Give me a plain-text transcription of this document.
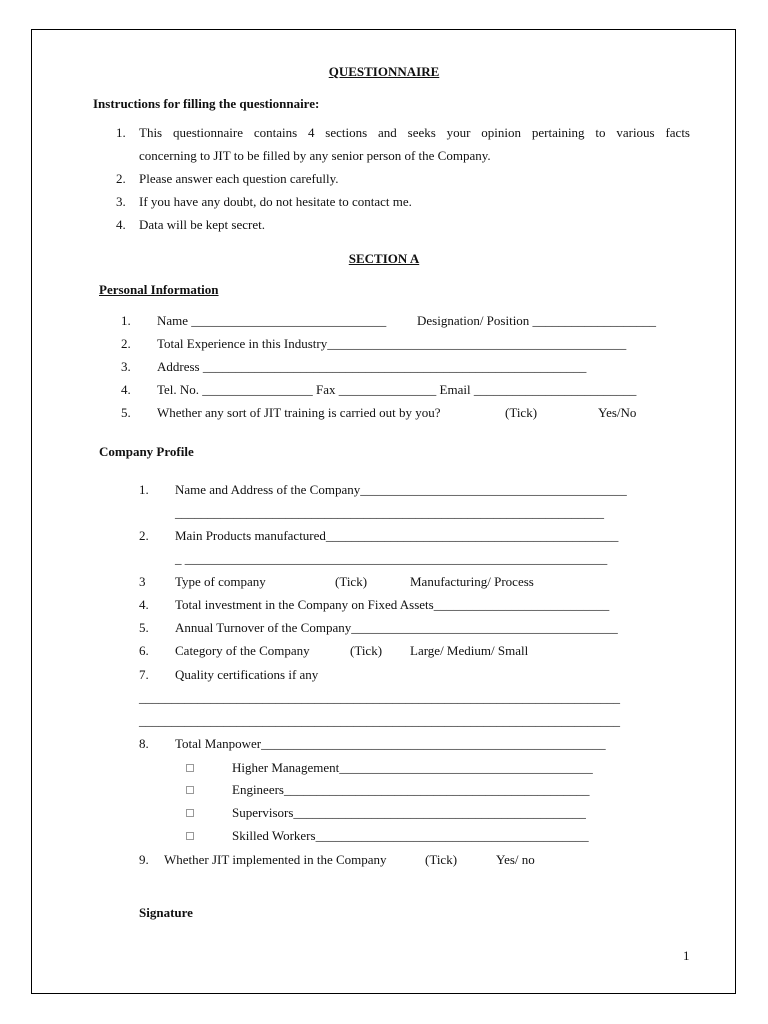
QUESTIONNAIRE
Instructions for filling the questionnaire:
1. This questionnaire contains 4 sections and seeks your opinion pertaining to various facts
concerning to JIT to be filled by any senior person of the Company.
2. Please answer each question carefully.
3. If you have any doubt, do not hesitate to contact me.
4. Data will be kept secret.
SECTION A
Personal Information
1. Name ______________________________ Designation/ Position ___________________
2. Total Experience in this Industry______________________________________________
3. Address ___________________________________________________________
4. Tel. No. _________________ Fax _______________ Email _________________________
5. Whether any sort of JIT training is carried out by you?	(Tick)	Yes/No
Company Profile
1. Name and Address of the Company_________________________________________
__________________________________________________________________
2. Main Products manufactured_____________________________________________
_ _________________________________________________________________
3 Type of company	(Tick)	Manufacturing/ Process
4. Total investment in the Company on Fixed Assets___________________________
5. Annual Turnover of the Company_________________________________________
6. Category of the Company	(Tick) Large/ Medium/ Small
7. Quality certifications if any
__________________________________________________________________________
__________________________________________________________________________
8. Total Manpower_____________________________________________________
Higher Management_______________________________________
Engineers_______________________________________________
Supervisors_____________________________________________
Skilled Workers__________________________________________
9. Whether JIT implemented in the Company	(Tick)	Yes/ no
Signature
1
